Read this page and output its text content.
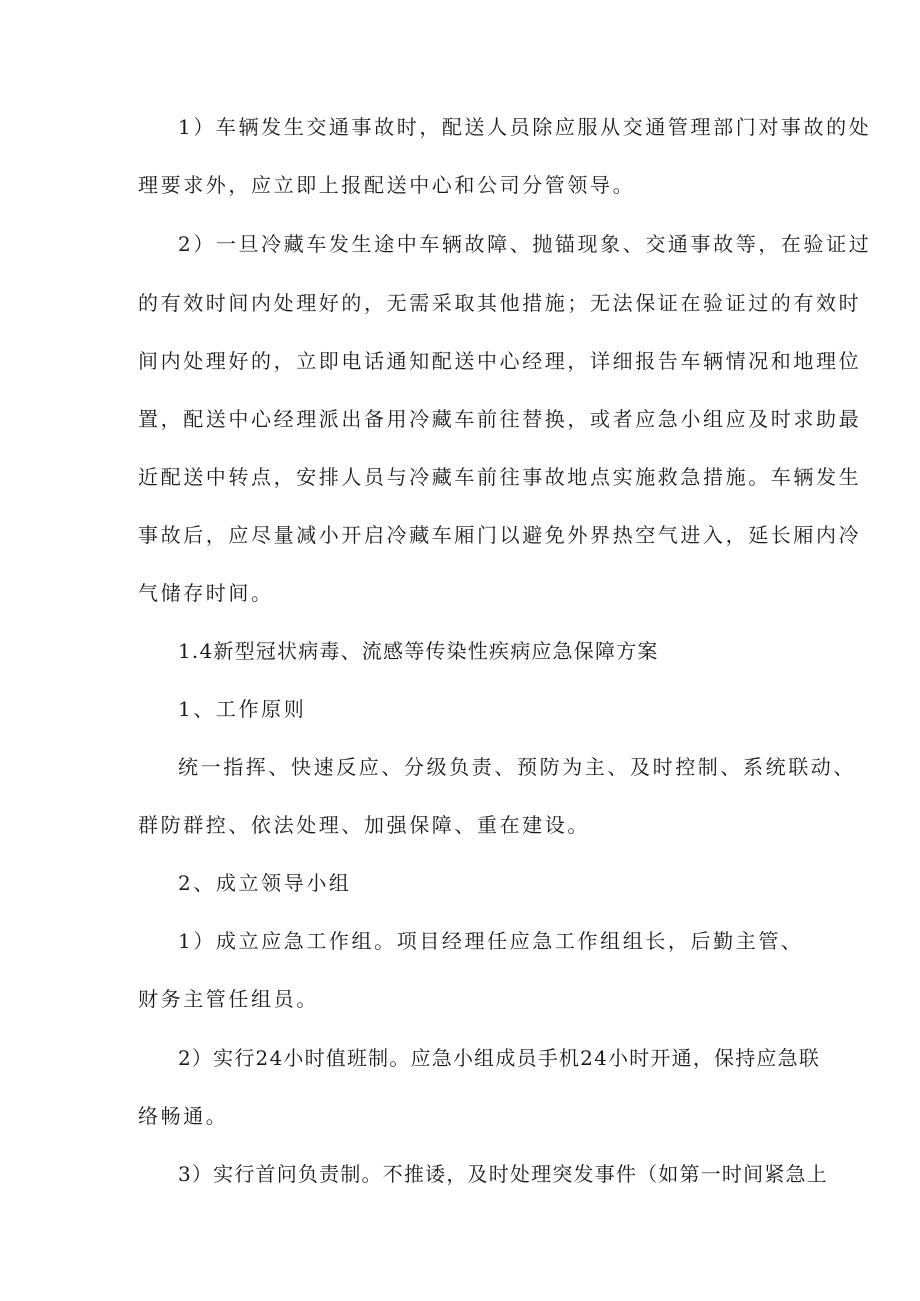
1）车辆发生交通事故时，配送人员除应服从交通管理部门对事故的处
理要求外，应立即上报配送中心和公司分管领导。
2）一旦冷藏车发生途中车辆故障、抛锚现象、交通事故等，在验证过
的有效时间内处理好的，无需采取其他措施；无法保证在验证过的有效时
间内处理好的，立即电话通知配送中心经理，详细报告车辆情况和地理位
置，配送中心经理派出备用冷藏车前往替换，或者应急小组应及时求助最
近配送中转点，安排人员与冷藏车前往事故地点实施救急措施。车辆发生
事故后，应尽量减小开启冷藏车厢门以避免外界热空气进入，延长厢内冷
气储存时间。
1.4新型冠状病毒、流感等传染性疾病应急保障方案
1、工作原则
统一指挥、快速反应、分级负责、预防为主、及时控制、系统联动、
群防群控、依法处理、加强保障、重在建设。
2、成立领导小组
1）成立应急工作组。项目经理任应急工作组组长，后勤主管、
财务主管任组员。
2）实行24小时值班制。应急小组成员手机24小时开通，保持应急联
络畅通。
3）实行首问负责制。不推诿，及时处理突发事件（如第一时间紧急上
